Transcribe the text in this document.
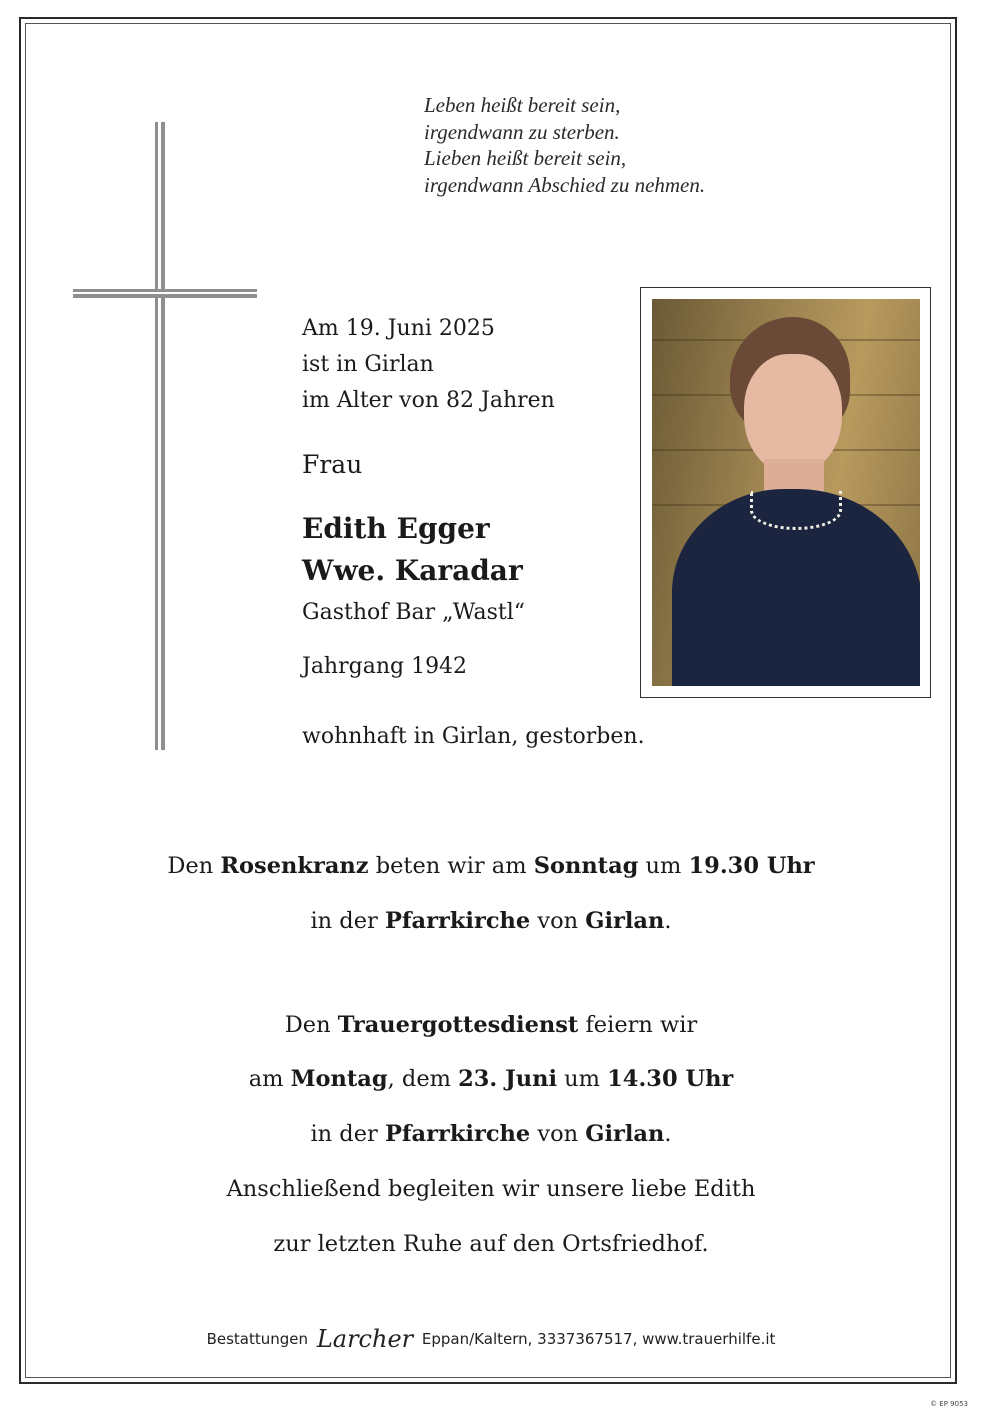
Leben heißt bereit sein,
irgendwann zu sterben.
Lieben heißt bereit sein,
irgendwann Abschied zu nehmen.
Am 19. Juni 2025
ist in Girlan
im Alter von 82 Jahren
Frau
Edith Egger
Wwe. Karadar
Gasthof Bar „Wastl“
Jahrgang 1942
wohnhaft in Girlan, gestorben.
Den Rosenkranz beten wir am Sonntag um 19.30 Uhr
in der Pfarrkirche von Girlan.
Den Trauergottesdienst feiern wir
am Montag, dem 23. Juni um 14.30 Uhr
in der Pfarrkirche von Girlan.
Anschließend begleiten wir unsere liebe Edith
zur letzten Ruhe auf den Ortsfriedhof.
Bestattungen Larcher Eppan/Kaltern, 3337367517, www.trauerhilfe.it
© EP 9053
